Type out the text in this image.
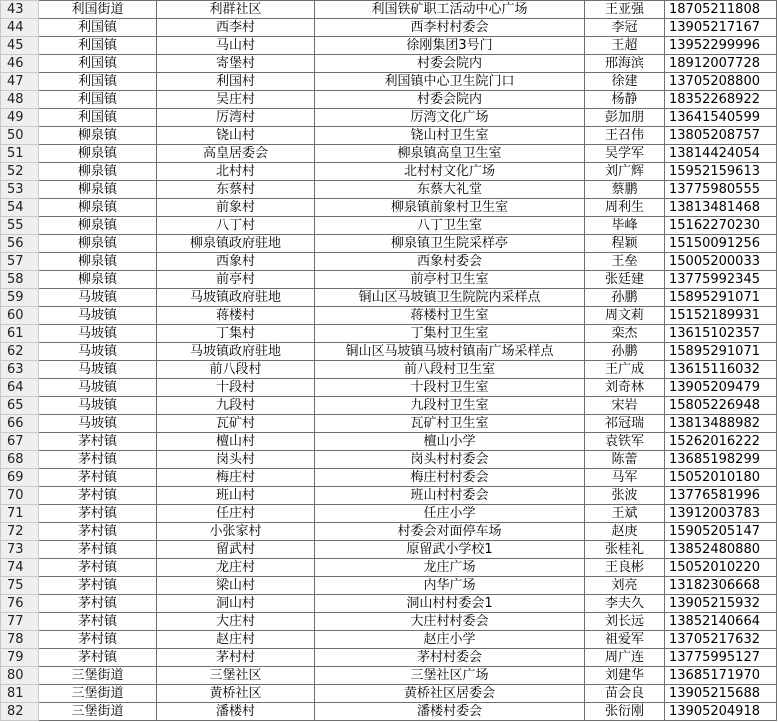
43	利国街道	利群社区	利国铁矿职工活动中心广场	王亚强	18705211808
44	利国镇	西李村	西李村村委会	李冠	13905217167
45	利国镇	马山村	徐刚集团3号门	王超	13952299996
46	利国镇	寄堡村	村委会院内	邢海滨	18912007728
47	利国镇	利国村	利国镇中心卫生院门口	徐建	13705208800
48	利国镇	吴庄村	村委会院内	杨静	18352268922
49	利国镇	厉湾村	厉湾文化广场	彭加朋	13641540599
50	柳泉镇	铙山村	铙山村卫生室	王召伟	13805208757
51	柳泉镇	高皇居委会	柳泉镇高皇卫生室	吴学军	13814424054
52	柳泉镇	北村村	北村村文化广场	刘广辉	15952159613
53	柳泉镇	东蔡村	东蔡大礼堂	蔡鹏	13775980555
54	柳泉镇	前象村	柳泉镇前象村卫生室	周利生	13813481468
55	柳泉镇	八丁村	八丁卫生室	毕峰	15162270230
56	柳泉镇	柳泉镇政府驻地	柳泉镇卫生院采样亭	程颖	15150091256
57	柳泉镇	西象村	西象村委会	王垒	15005200033
58	柳泉镇	前亭村	前亭村卫生室	张廷建	13775992345
59	马坡镇	马坡镇政府驻地	铜山区马坡镇卫生院院内采样点	孙鹏	15895291071
60	马坡镇	蒋楼村	蒋楼村卫生室	周文莉	15152189931
61	马坡镇	丁集村	丁集村卫生室	栾杰	13615102357
62	马坡镇	马坡镇政府驻地	铜山区马坡镇马坡村镇南广场采样点	孙鹏	15895291071
63	马坡镇	前八段村	前八段村卫生室	王广成	13615116032
64	马坡镇	十段村	十段村卫生室	刘奇林	13905209479
65	马坡镇	九段村	九段村卫生室	宋岩	15805226948
66	马坡镇	瓦矿村	瓦矿村卫生室	祁冠瑞	13813488982
67	茅村镇	檀山村	檀山小学	袁铁军	15262016222
68	茅村镇	岗头村	岗头村村委会	陈蕾	13685198299
69	茅村镇	梅庄村	梅庄村村委会	马军	15052010180
70	茅村镇	班山村	班山村村委会	张波	13776581996
71	茅村镇	任庄村	任庄小学	王斌	13912003783
72	茅村镇	小张家村	村委会对面停车场	赵庚	15905205147
73	茅村镇	留武村	原留武小学校1	张桂礼	13852480880
74	茅村镇	龙庄村	龙庄广场	王良彬	15052010220
75	茅村镇	梁山村	内华广场	刘亮	13182306668
76	茅村镇	洞山村	洞山村村委会1	李夫久	13905215932
77	茅村镇	大庄村	大庄村村委会	刘长远	13852140664
78	茅村镇	赵庄村	赵庄小学	祖爱军	13705217632
79	茅村镇	茅村村	茅村村委会	周广连	13775995127
80	三堡街道	三堡社区	三堡社区广场	刘建华	13685171970
81	三堡街道	黄桥社区	黄桥社区居委会	苗会良	13905215688
82	三堡街道	潘楼村	潘楼村委会	张衍刚	13905204918
